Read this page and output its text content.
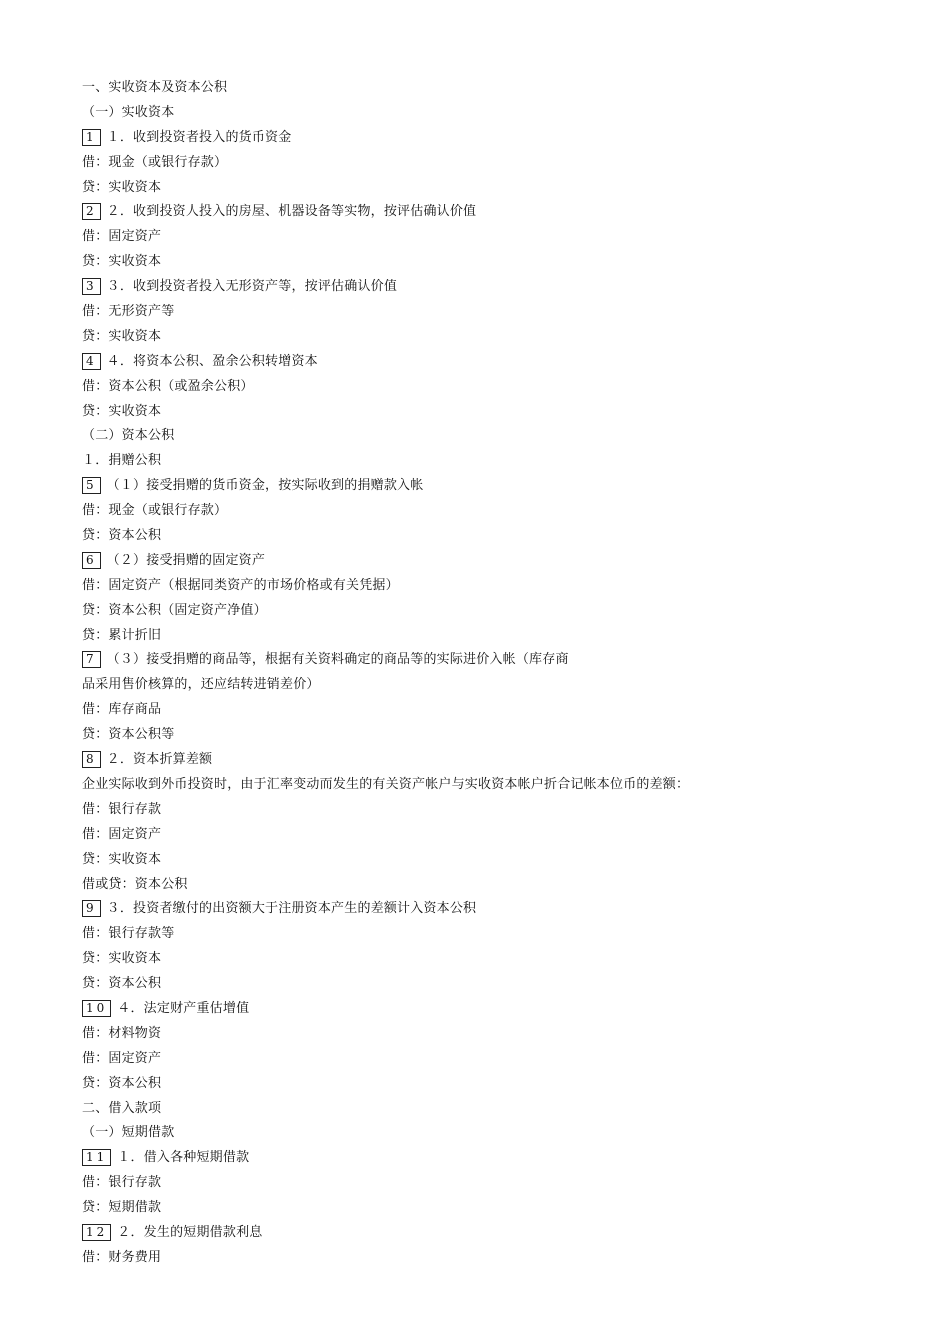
一、实收资本及资本公积
（一）实收资本
1 １．收到投资者投入的货币资金
借：现金（或银行存款）
贷：实收资本
2 ２．收到投资人投入的房屋、机器设备等实物，按评估确认价值
借：固定资产
贷：实收资本
3 ３．收到投资者投入无形资产等，按评估确认价值
借：无形资产等
贷：实收资本
4 ４．将资本公积、盈余公积转增资本
借：资本公积（或盈余公积）
贷：实收资本
（二）资本公积
１．捐赠公积
5 （１）接受捐赠的货币资金，按实际收到的捐赠款入帐
借：现金（或银行存款）
贷：资本公积
6 （２）接受捐赠的固定资产
借：固定资产（根据同类资产的市场价格或有关凭据）
贷：资本公积（固定资产净值）
贷：累计折旧
7 （３）接受捐赠的商品等，根据有关资料确定的商品等的实际进价入帐（库存商
品采用售价核算的，还应结转进销差价）
借：库存商品
贷：资本公积等
8 ２．资本折算差额
企业实际收到外币投资时，由于汇率变动而发生的有关资产帐户与实收资本帐户折合记帐本位币的差额：
借：银行存款
借：固定资产
贷：实收资本
借或贷：资本公积
9 ３．投资者缴付的出资额大于注册资本产生的差额计入资本公积
借：银行存款等
贷：实收资本
贷：资本公积
10 ４．法定财产重估增值
借：材料物资
借：固定资产
贷：资本公积
二、借入款项
（一）短期借款
11 １．借入各种短期借款
借：银行存款
贷：短期借款
12 ２．发生的短期借款利息
借：财务费用
